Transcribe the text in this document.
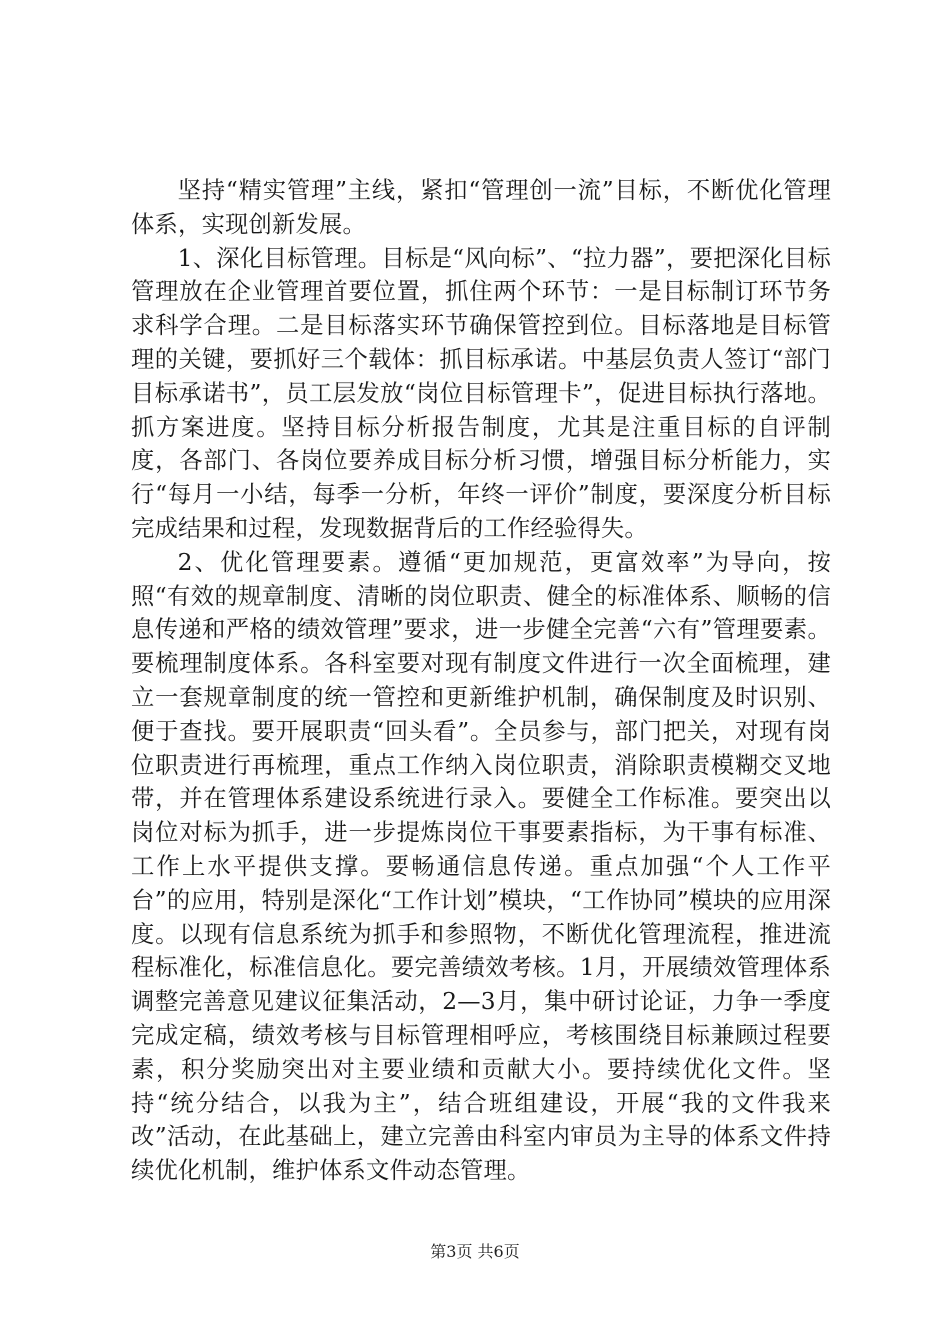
坚持“精实管理”主线，紧扣“管理创一流”目标，不断优化管理体系，实现创新发展。

1、深化目标管理。目标是“风向标”、“拉力器”，要把深化目标管理放在企业管理首要位置，抓住两个环节：一是目标制订环节务求科学合理。二是目标落实环节确保管控到位。目标落地是目标管理的关键，要抓好三个载体：抓目标承诺。中基层负责人签订“部门目标承诺书”，员工层发放“岗位目标管理卡”，促进目标执行落地。抓方案进度。坚持目标分析报告制度，尤其是注重目标的自评制度，各部门、各岗位要养成目标分析习惯，增强目标分析能力，实行“每月一小结，每季一分析，年终一评价”制度，要深度分析目标完成结果和过程，发现数据背后的工作经验得失。

2、优化管理要素。遵循“更加规范，更富效率”为导向，按照“有效的规章制度、清晰的岗位职责、健全的标准体系、顺畅的信息传递和严格的绩效管理”要求，进一步健全完善“六有”管理要素。要梳理制度体系。各科室要对现有制度文件进行一次全面梳理，建立一套规章制度的统一管控和更新维护机制，确保制度及时识别、便于查找。要开展职责“回头看”。全员参与，部门把关，对现有岗位职责进行再梳理，重点工作纳入岗位职责，消除职责模糊交叉地带，并在管理体系建设系统进行录入。要健全工作标准。要突出以岗位对标为抓手，进一步提炼岗位干事要素指标，为干事有标准、工作上水平提供支撑。要畅通信息传递。重点加强“个人工作平台”的应用，特别是深化“工作计划”模块，“工作协同”模块的应用深度。以现有信息系统为抓手和参照物，不断优化管理流程，推进流程标准化，标准信息化。要完善绩效考核。1月，开展绩效管理体系调整完善意见建议征集活动，2—3月，集中研讨论证，力争一季度完成定稿，绩效考核与目标管理相呼应，考核围绕目标兼顾过程要素，积分奖励突出对主要业绩和贡献大小。要持续优化文件。坚持“统分结合，以我为主”，结合班组建设，开展“我的文件我来改”活动，在此基础上，建立完善由科室内审员为主导的体系文件持续优化机制，维护体系文件动态管理。

第3页 共6页
